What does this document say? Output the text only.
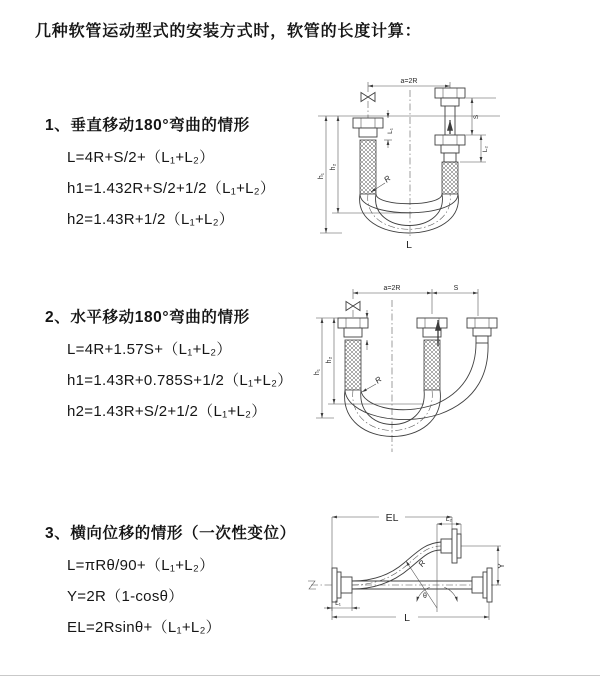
几种软管运动型式的安装方式时，软管的长度计算：
1、垂直移动180°弯曲的情形
L=4R+S/2+（L₁+L₂）
h1=1.432R+S/2+1/2（L₁+L₂）
h2=1.43R+1/2（L₁+L₂）
2、水平移动180°弯曲的情形
L=4R+1.57S+（L₁+L₂）
h1=1.43R+0.785S+1/2（L₁+L₂）
h2=1.43R+S/2+1/2（L₁+L₂）
3、横向位移的情形（一次性变位）
L=πRθ/90+（L₁+L₂）
Y=2R（1-cosθ）
EL=2Rsinθ+（L₁+L₂）
a=2R
L₁
S
L₂
h₁
h₂
R
L
a=2R	S
h₁
h₂
R
EL	L₂
Y
R
θ
L
L₁
